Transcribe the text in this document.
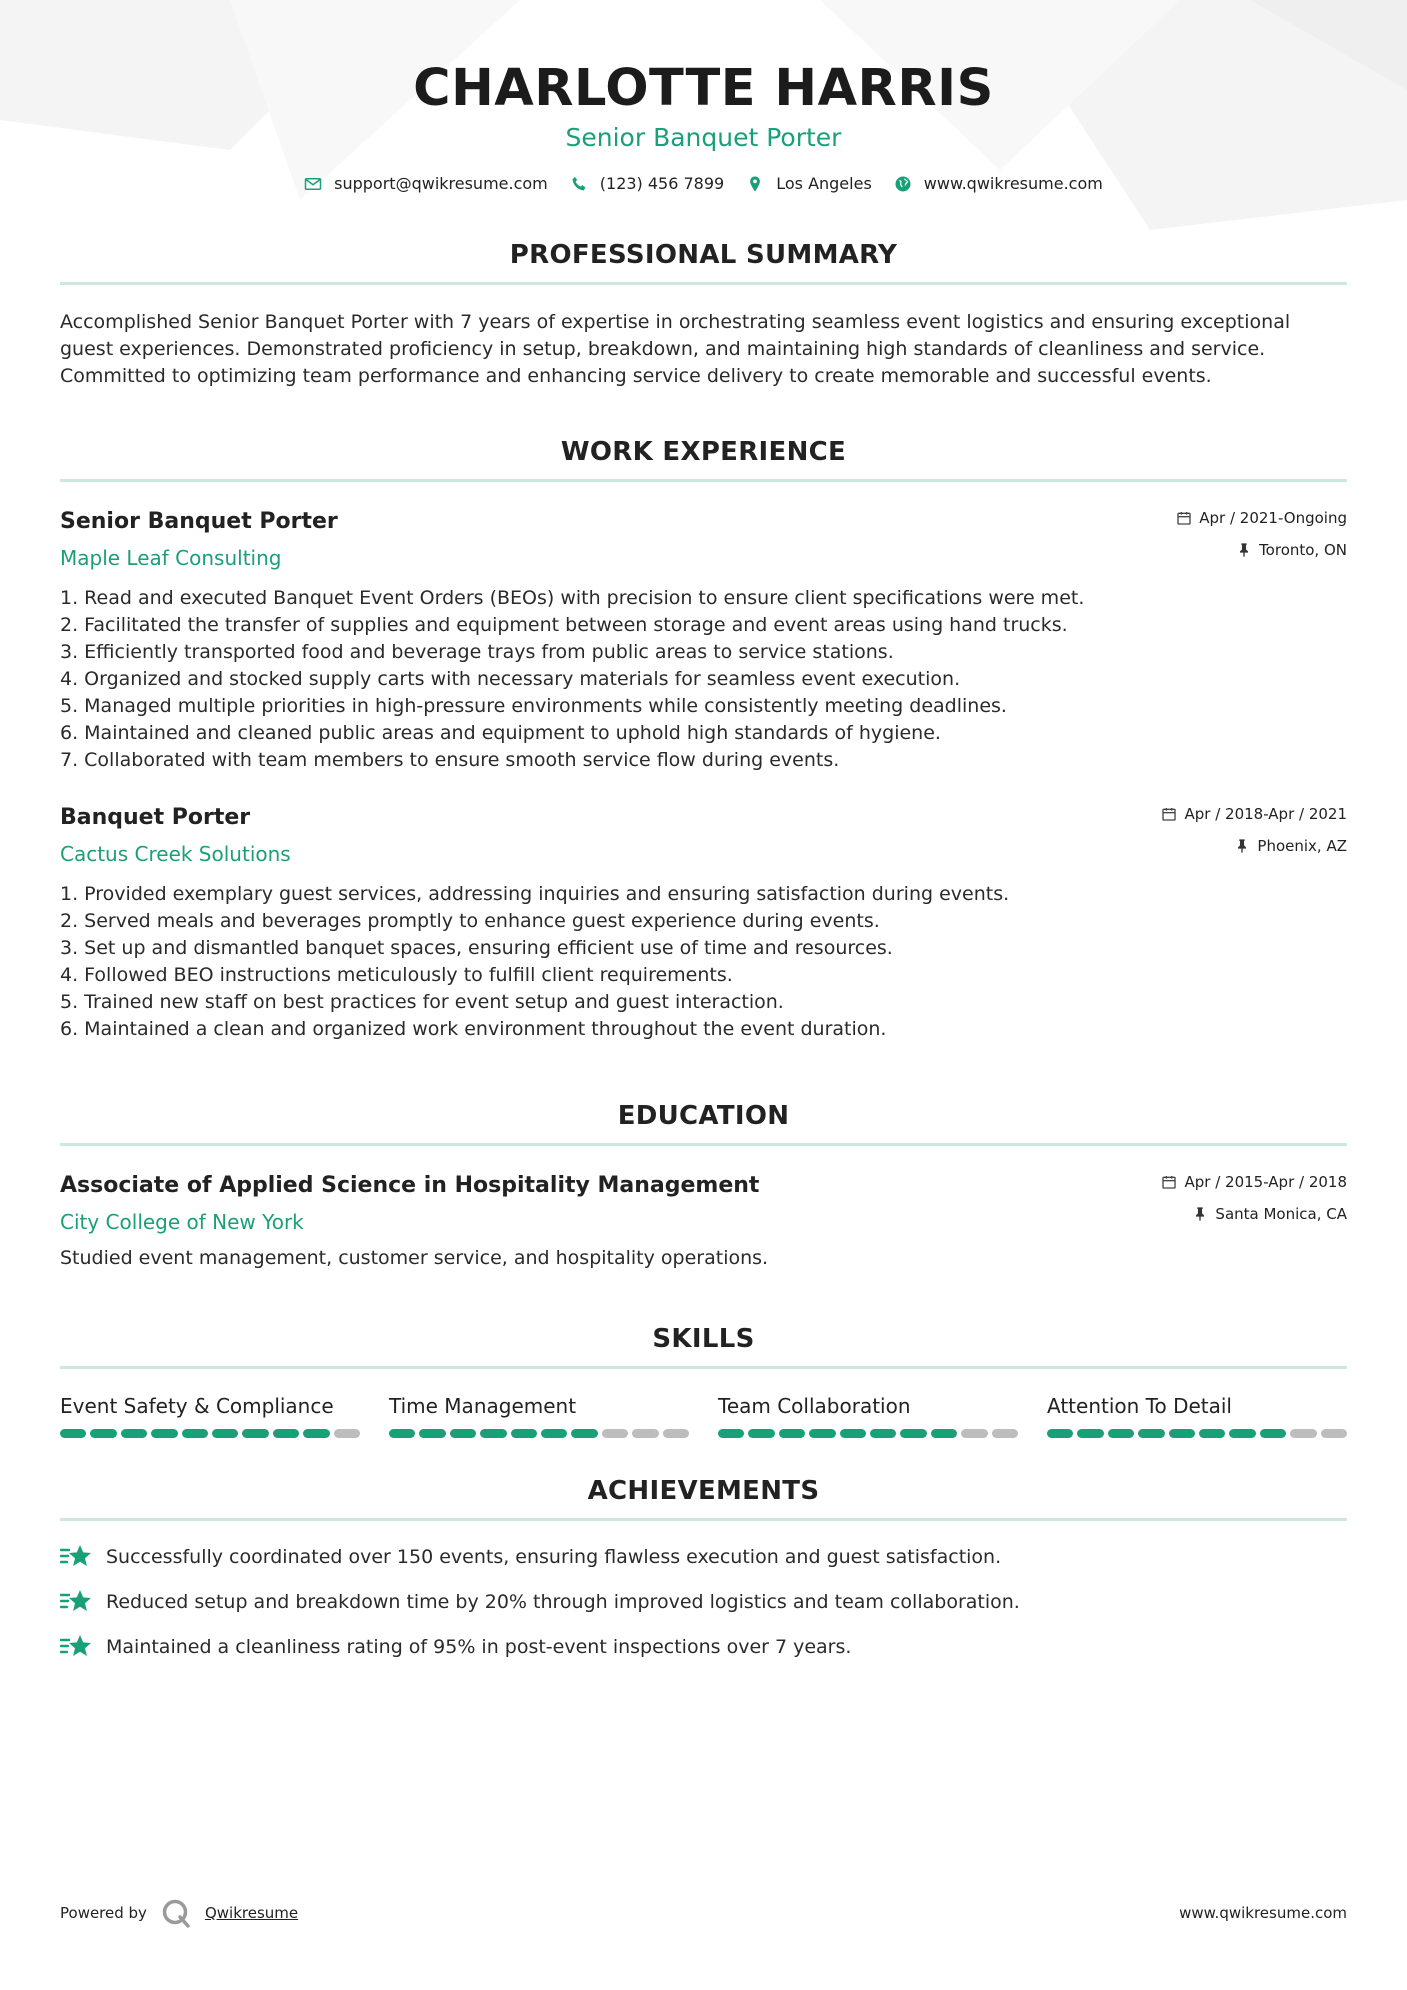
CHARLOTTE HARRIS
Senior Banquet Porter
support@qwikresume.com	(123) 456 7899	Los Angeles	www.qwikresume.com
PROFESSIONAL SUMMARY

Accomplished Senior Banquet Porter with 7 years of expertise in orchestrating seamless event logistics and ensuring exceptional guest experiences. Demonstrated proficiency in setup, breakdown, and maintaining high standards of cleanliness and service. Committed to optimizing team performance and enhancing service delivery to create memorable and successful events.

WORK EXPERIENCE
Senior Banquet Porter
Maple Leaf Consulting
Apr / 2021-Ongoing
Toronto, ON
1. Read and executed Banquet Event Orders (BEOs) with precision to ensure client specifications were met.
2. Facilitated the transfer of supplies and equipment between storage and event areas using hand trucks.
3. Efficiently transported food and beverage trays from public areas to service stations.
4. Organized and stocked supply carts with necessary materials for seamless event execution.
5. Managed multiple priorities in high-pressure environments while consistently meeting deadlines.
6. Maintained and cleaned public areas and equipment to uphold high standards of hygiene.
7. Collaborated with team members to ensure smooth service flow during events.
Banquet Porter
Cactus Creek Solutions
Apr / 2018-Apr / 2021
Phoenix, AZ
1. Provided exemplary guest services, addressing inquiries and ensuring satisfaction during events.
2. Served meals and beverages promptly to enhance guest experience during events.
3. Set up and dismantled banquet spaces, ensuring efficient use of time and resources.
4. Followed BEO instructions meticulously to fulfill client requirements.
5. Trained new staff on best practices for event setup and guest interaction.
6. Maintained a clean and organized work environment throughout the event duration.
EDUCATION
Associate of Applied Science in Hospitality Management
City College of New York
Apr / 2015-Apr / 2018
Santa Monica, CA

Studied event management, customer service, and hospitality operations.

SKILLS
Event Safety & Compliance	Time Management	Team Collaboration	Attention To Detail
ACHIEVEMENTS
Successfully coordinated over 150 events, ensuring flawless execution and guest satisfaction.
Reduced setup and breakdown time by 20% through improved logistics and team collaboration.
Maintained a cleanliness rating of 95% in post-event inspections over 7 years.
Powered by	Qwikresume	www.qwikresume.com
